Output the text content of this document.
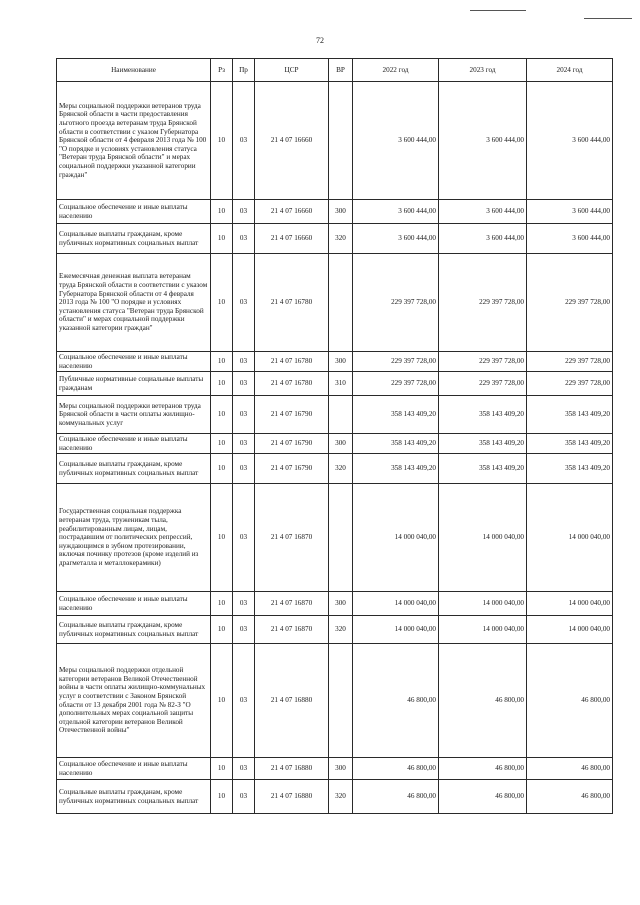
72
Наименование	Рз	Пр	ЦСР	ВР	2022 год	2023 год	2024 год
Меры социальной поддержки ветеранов труда Брянской области в части предоставления льготного проезда ветеранам труда Брянской области в соответствии с указом Губернатора Брянской области от 4 февраля 2013 года № 100 "О порядке и условиях установления статуса "Ветеран труда Брянской области" и мерах социальной поддержки указанной категории граждан"	10	03	21 4 07 16660		3 600 444,00	3 600 444,00	3 600 444,00
Социальное обеспечение и иные выплаты населению	10	03	21 4 07 16660	300	3 600 444,00	3 600 444,00	3 600 444,00
Социальные выплаты гражданам, кроме публичных нормативных социальных выплат	10	03	21 4 07 16660	320	3 600 444,00	3 600 444,00	3 600 444,00
Ежемесячная денежная выплата ветеранам труда Брянской области в соответствии с указом Губернатора Брянской области от 4 февраля 2013 года № 100 "О порядке и условиях установления статуса "Ветеран труда Брянской области" и мерах социальной поддержки указанной категории граждан"	10	03	21 4 07 16780		229 397 728,00	229 397 728,00	229 397 728,00
Социальное обеспечение и иные выплаты населению	10	03	21 4 07 16780	300	229 397 728,00	229 397 728,00	229 397 728,00
Публичные нормативные социальные выплаты гражданам	10	03	21 4 07 16780	310	229 397 728,00	229 397 728,00	229 397 728,00
Меры социальной поддержки ветеранов труда Брянской области в части оплаты жилищно-коммунальных услуг	10	03	21 4 07 16790		358 143 409,20	358 143 409,20	358 143 409,20
Социальное обеспечение и иные выплаты населению	10	03	21 4 07 16790	300	358 143 409,20	358 143 409,20	358 143 409,20
Социальные выплаты гражданам, кроме публичных нормативных социальных выплат	10	03	21 4 07 16790	320	358 143 409,20	358 143 409,20	358 143 409,20
Государственная социальная поддержка ветеранам труда, труженикам тыла, реабилитированным лицам, лицам, пострадавшим от политических репрессий, нуждающимся в зубном протезировании, включая починку протезов (кроме изделий из драгметалла и металлокерамики)	10	03	21 4 07 16870		14 000 040,00	14 000 040,00	14 000 040,00
Социальное обеспечение и иные выплаты населению	10	03	21 4 07 16870	300	14 000 040,00	14 000 040,00	14 000 040,00
Социальные выплаты гражданам, кроме публичных нормативных социальных выплат	10	03	21 4 07 16870	320	14 000 040,00	14 000 040,00	14 000 040,00
Меры социальной поддержки отдельной категории ветеранов Великой Отечественной войны в части оплаты жилищно-коммунальных услуг в соответствии с Законом Брянской области от 13 декабря 2001 года № 82-З "О дополнительных мерах социальной защиты отдельной категории ветеранов Великой Отечественной войны"	10	03	21 4 07 16880		46 800,00	46 800,00	46 800,00
Социальное обеспечение и иные выплаты населению	10	03	21 4 07 16880	300	46 800,00	46 800,00	46 800,00
Социальные выплаты гражданам, кроме публичных нормативных социальных выплат	10	03	21 4 07 16880	320	46 800,00	46 800,00	46 800,00
